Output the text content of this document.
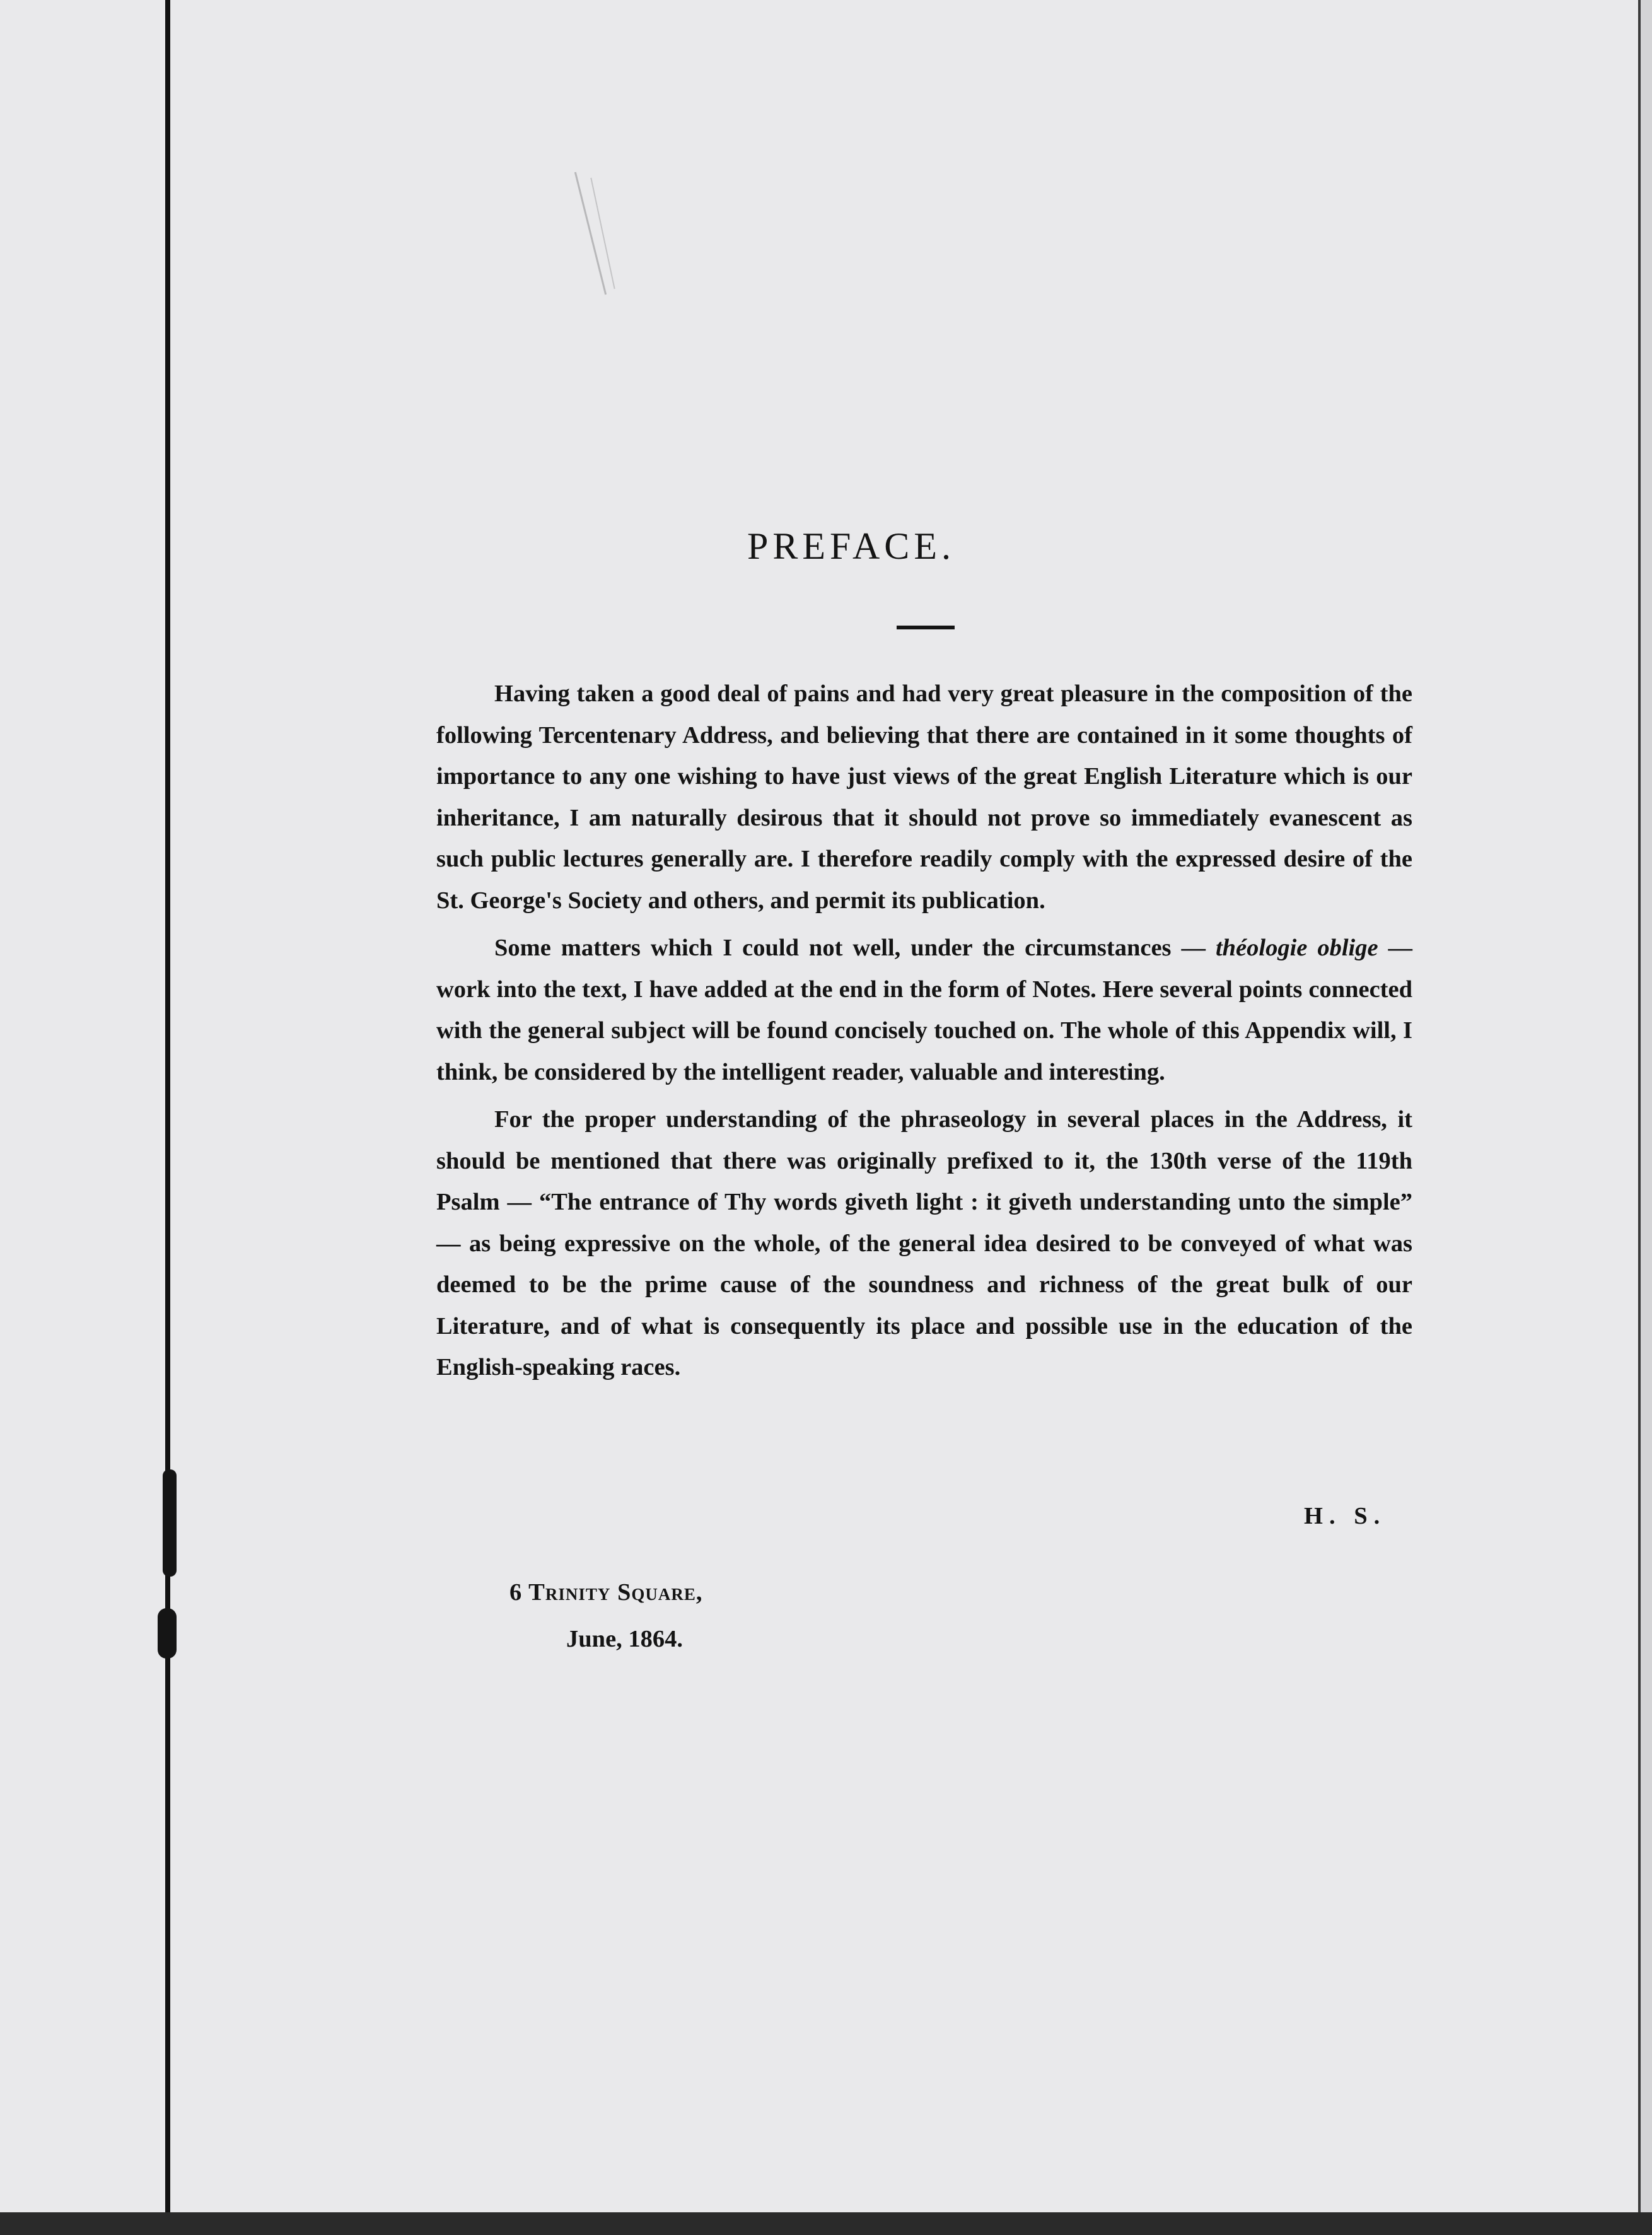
PREFACE.

Having taken a good deal of pains and had very great pleasure in the composition of the following Tercentenary Address, and believing that there are contained in it some thoughts of importance to any one wishing to have just views of the great English Literature which is our inheritance, I am naturally desirous that it should not prove so immediately evanescent as such public lectures generally are. I therefore readily comply with the expressed desire of the St. George's Society and others, and permit its publication.

Some matters which I could not well, under the circumstances — théologie oblige — work into the text, I have added at the end in the form of Notes. Here several points connected with the general subject will be found concisely touched on. The whole of this Appendix will, I think, be considered by the intelligent reader, valuable and interesting.

For the proper understanding of the phraseology in several places in the Address, it should be mentioned that there was originally prefixed to it, the 130th verse of the 119th Psalm — “The entrance of Thy words giveth light : it giveth understanding unto the simple” — as being expressive on the whole, of the general idea desired to be conveyed of what was deemed to be the prime cause of the soundness and richness of the great bulk of our Literature, and of what is consequently its place and possible use in the education of the English-speaking races.

H. S.
6 Trinity Square,
June, 1864.
